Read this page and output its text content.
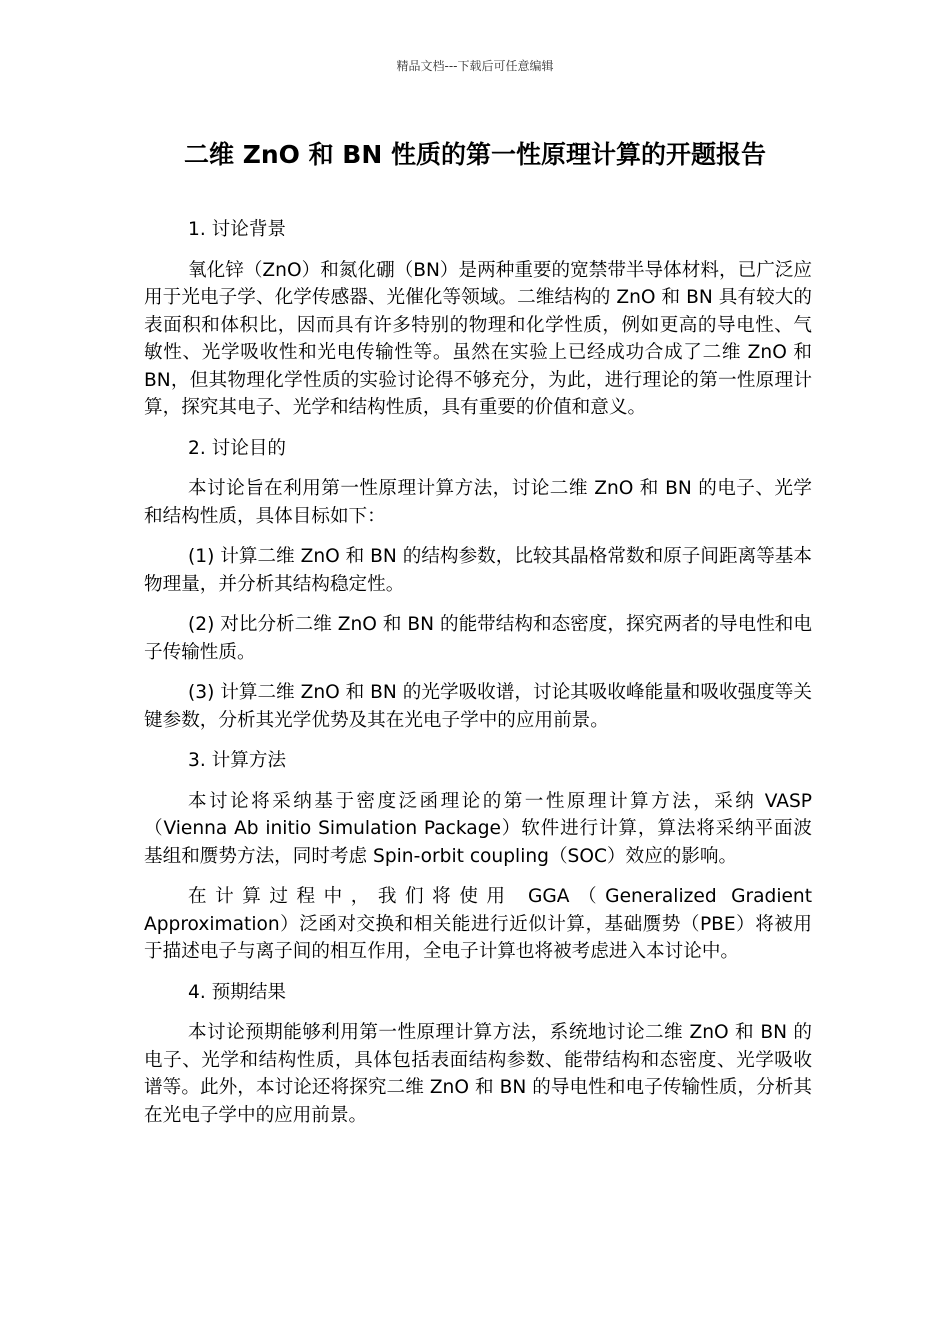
精品文档---下载后可任意编辑
二维 ZnO 和 BN 性质的第一性原理计算的开题报告

1. 讨论背景

氧化锌（ZnO）和氮化硼（BN）是两种重要的宽禁带半导体材料，已广泛应用于光电子学、化学传感器、光催化等领域。二维结构的 ZnO 和 BN 具有较大的表面积和体积比，因而具有许多特别的物理和化学性质，例如更高的导电性、气敏性、光学吸收性和光电传输性等。虽然在实验上已经成功合成了二维 ZnO 和 BN，但其物理化学性质的实验讨论得不够充分，为此，进行理论的第一性原理计算，探究其电子、光学和结构性质，具有重要的价值和意义。

2. 讨论目的

本讨论旨在利用第一性原理计算方法，讨论二维 ZnO 和 BN 的电子、光学和结构性质，具体目标如下：

(1) 计算二维 ZnO 和 BN 的结构参数，比较其晶格常数和原子间距离等基本物理量，并分析其结构稳定性。

(2) 对比分析二维 ZnO 和 BN 的能带结构和态密度，探究两者的导电性和电子传输性质。

(3) 计算二维 ZnO 和 BN 的光学吸收谱，讨论其吸收峰能量和吸收强度等关键参数，分析其光学优势及其在光电子学中的应用前景。

3. 计算方法

本讨论将采纳基于密度泛函理论的第一性原理计算方法，采纳 VASP（Vienna Ab initio Simulation Package）软件进行计算，算法将采纳平面波基组和赝势方法，同时考虑 Spin-orbit coupling（SOC）效应的影响。

在计算过程中，我们将使用 GGA（Generalized Gradient Approximation）泛函对交换和相关能进行近似计算，基础赝势（PBE）将被用于描述电子与离子间的相互作用，全电子计算也将被考虑进入本讨论中。

4. 预期结果

本讨论预期能够利用第一性原理计算方法，系统地讨论二维 ZnO 和 BN 的电子、光学和结构性质，具体包括表面结构参数、能带结构和态密度、光学吸收谱等。此外，本讨论还将探究二维 ZnO 和 BN 的导电性和电子传输性质，分析其在光电子学中的应用前景。
